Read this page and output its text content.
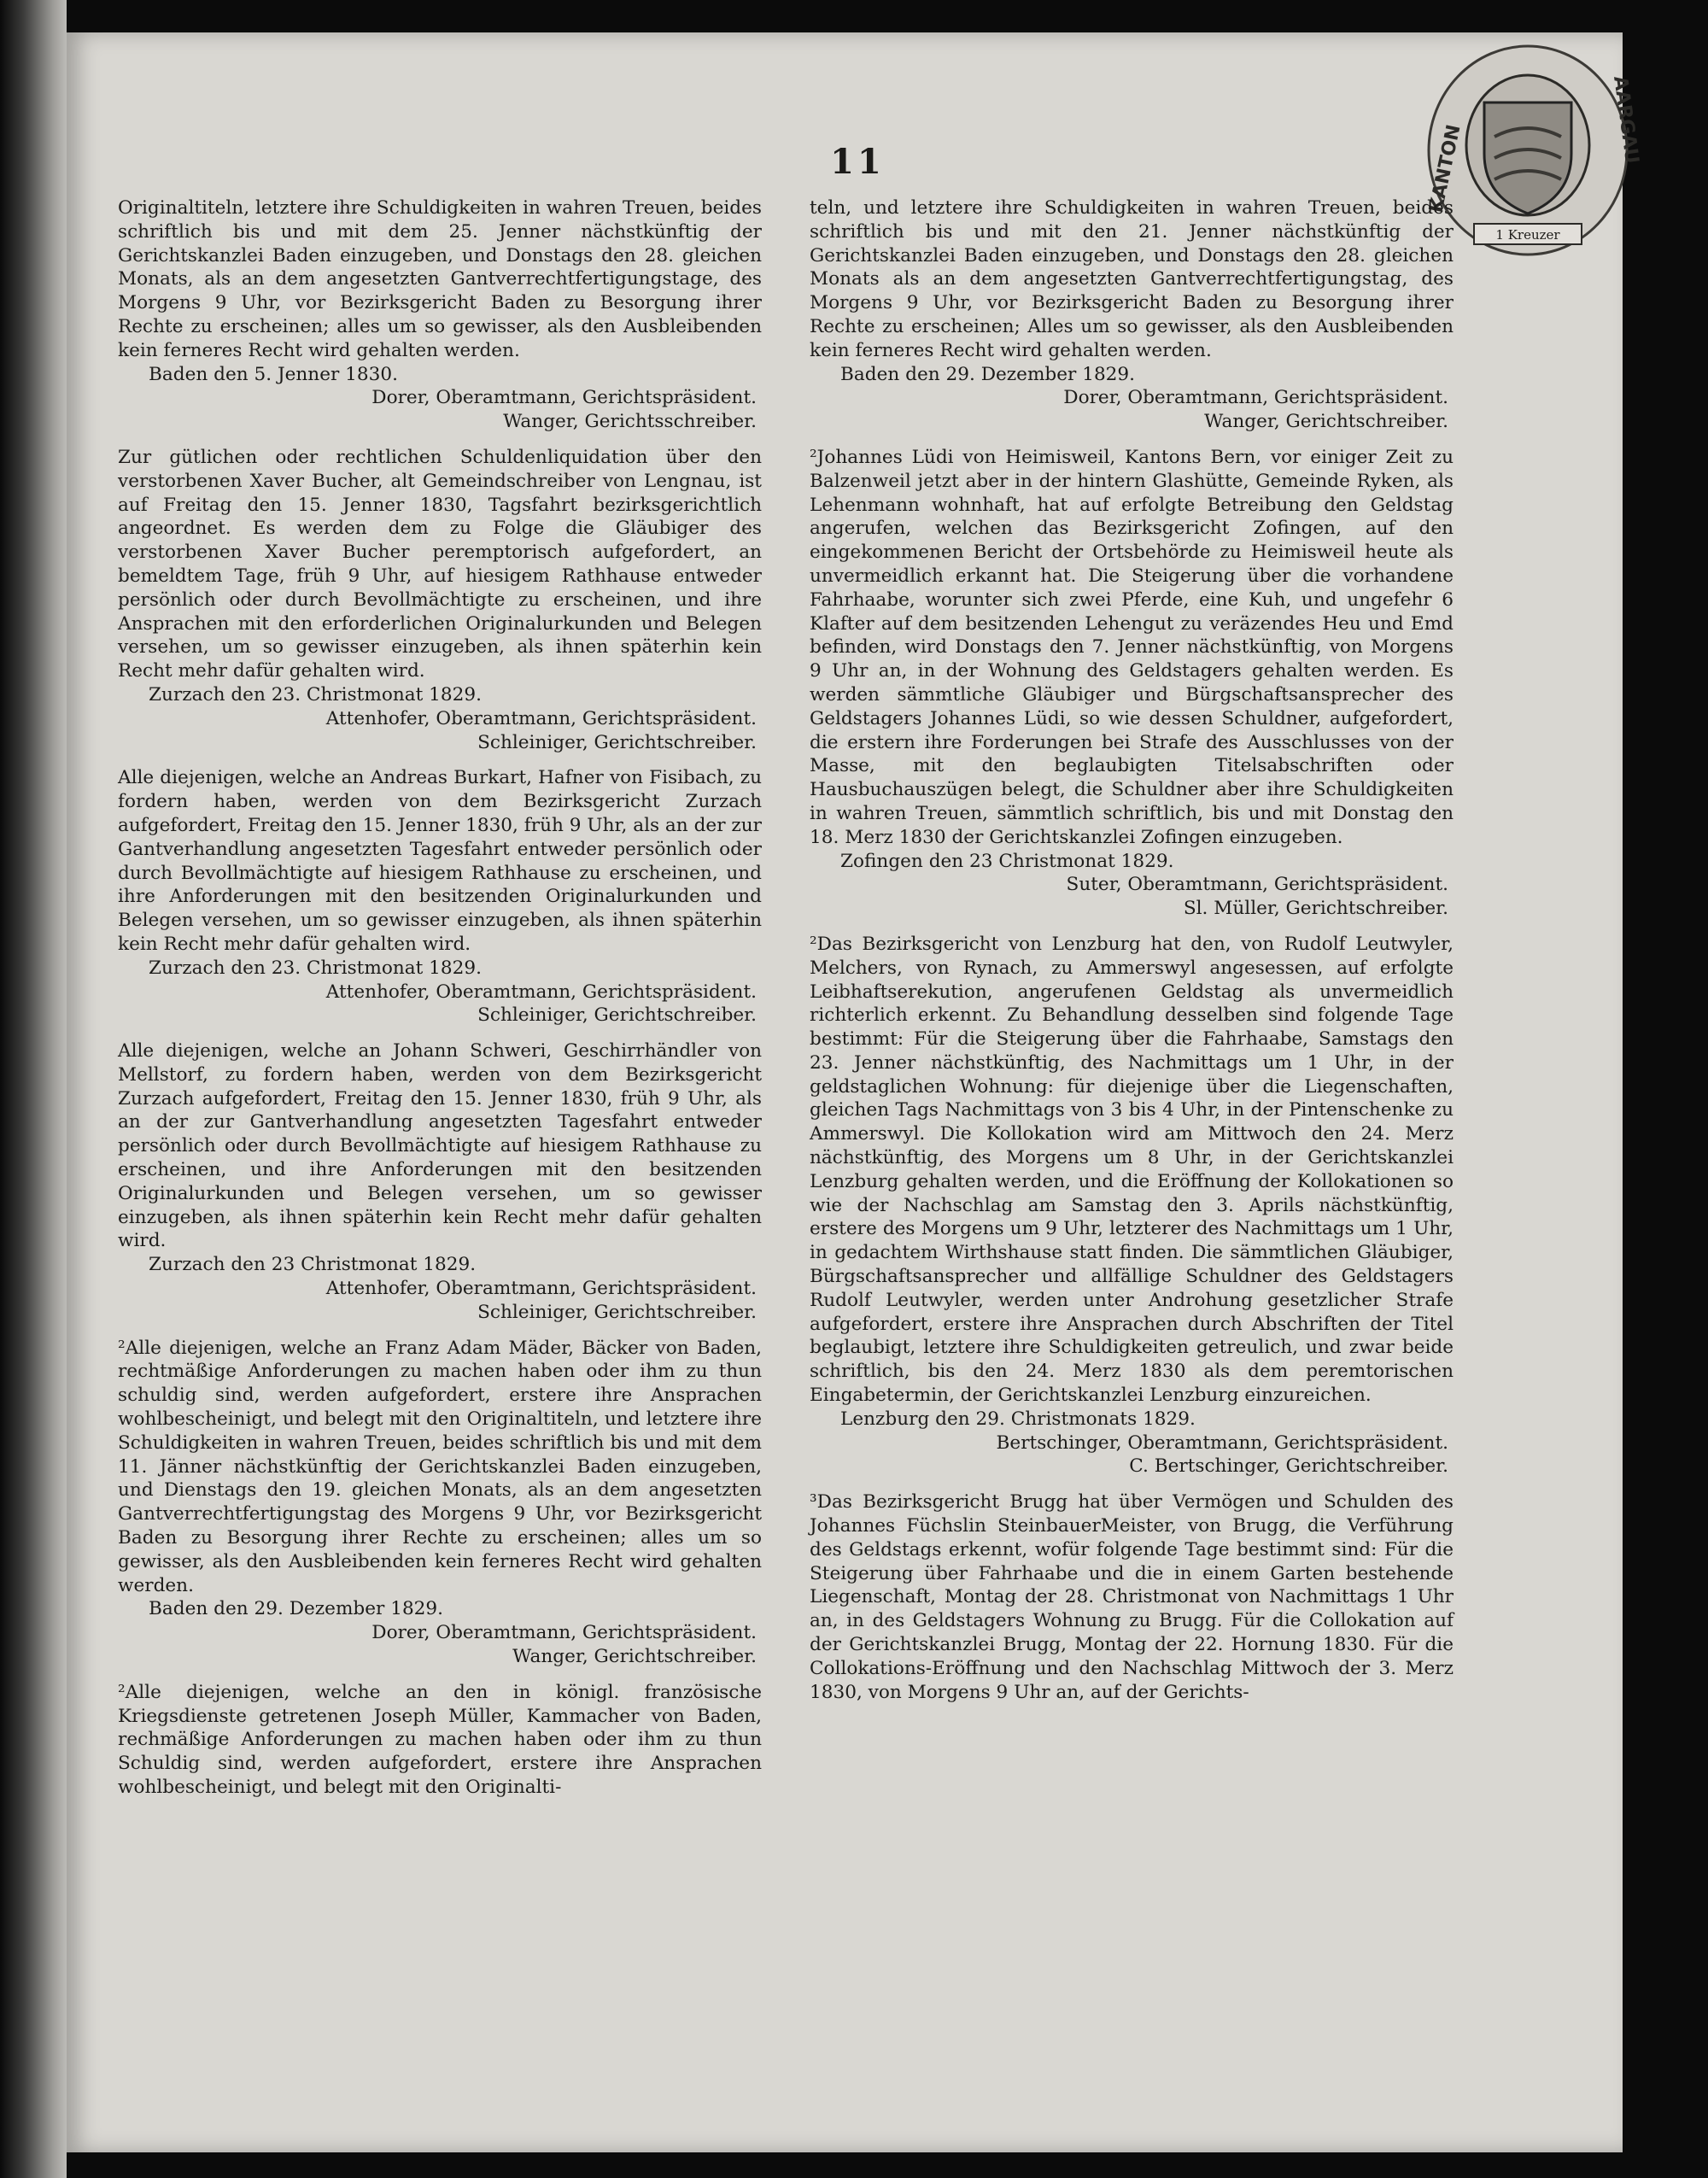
11	KANTON
AARGAU
1 Kreuzer

Originaltiteln, letztere ihre Schuldigkeiten in wahren Treuen, beides schriftlich bis und mit dem 25. Jenner nächstkünftig der Gerichtskanzlei Baden einzugeben, und Donstags den 28. gleichen Monats, als an dem angesetzten Gantverrechtfertigungstage, des Morgens 9 Uhr, vor Bezirksgericht Baden zu Besorgung ihrer Rechte zu erscheinen; alles um so gewisser, als den Ausbleibenden kein ferneres Recht wird gehalten werden.

Baden den 5. Jenner 1830.

Dorer, Oberamtmann, Gerichtspräsident.

Wanger, Gerichtsschreiber.

Zur gütlichen oder rechtlichen Schuldenliquidation über den verstorbenen Xaver Bucher, alt Gemeindschreiber von Lengnau, ist auf Freitag den 15. Jenner 1830, Tagsfahrt bezirksgerichtlich angeordnet. Es werden dem zu Folge die Gläubiger des verstorbenen Xaver Bucher peremptorisch aufgefordert, an bemeldtem Tage, früh 9 Uhr, auf hiesigem Rathhause entweder persönlich oder durch Bevollmächtigte zu erscheinen, und ihre Ansprachen mit den erforderlichen Originalurkunden und Belegen versehen, um so gewisser einzugeben, als ihnen späterhin kein Recht mehr dafür gehalten wird.

Zurzach den 23. Christmonat 1829.

Attenhofer, Oberamtmann, Gerichtspräsident.

Schleiniger, Gerichtschreiber.

Alle diejenigen, welche an Andreas Burkart, Hafner von Fisibach, zu fordern haben, werden von dem Bezirksgericht Zurzach aufgefordert, Freitag den 15. Jenner 1830, früh 9 Uhr, als an der zur Gantverhandlung angesetzten Tagesfahrt entweder persönlich oder durch Bevollmächtigte auf hiesigem Rathhause zu erscheinen, und ihre Anforderungen mit den besitzenden Originalurkunden und Belegen versehen, um so gewisser einzugeben, als ihnen späterhin kein Recht mehr dafür gehalten wird.

Zurzach den 23. Christmonat 1829.

Attenhofer, Oberamtmann, Gerichtspräsident.

Schleiniger, Gerichtschreiber.

Alle diejenigen, welche an Johann Schweri, Geschirrhändler von Mellstorf, zu fordern haben, werden von dem Bezirksgericht Zurzach aufgefordert, Freitag den 15. Jenner 1830, früh 9 Uhr, als an der zur Gantverhandlung angesetzten Tagesfahrt entweder persönlich oder durch Bevollmächtigte auf hiesigem Rathhause zu erscheinen, und ihre Anforderungen mit den besitzenden Originalurkunden und Belegen versehen, um so gewisser einzugeben, als ihnen späterhin kein Recht mehr dafür gehalten wird.

Zurzach den 23 Christmonat 1829.

Attenhofer, Oberamtmann, Gerichtspräsident.

Schleiniger, Gerichtschreiber.

²Alle diejenigen, welche an Franz Adam Mäder, Bäcker von Baden, rechtmäßige Anforderungen zu machen haben oder ihm zu thun schuldig sind, werden aufgefordert, erstere ihre Ansprachen wohlbescheinigt, und belegt mit den Originaltiteln, und letztere ihre Schuldigkeiten in wahren Treuen, beides schriftlich bis und mit dem 11. Jänner nächstkünftig der Gerichtskanzlei Baden einzugeben, und Dienstags den 19. gleichen Monats, als an dem angesetzten Gantverrechtfertigungstag des Morgens 9 Uhr, vor Bezirksgericht Baden zu Besorgung ihrer Rechte zu erscheinen; alles um so gewisser, als den Ausbleibenden kein ferneres Recht wird gehalten werden.

Baden den 29. Dezember 1829.

Dorer, Oberamtmann, Gerichtspräsident.

Wanger, Gerichtschreiber.

²Alle diejenigen, welche an den in königl. französische Kriegsdienste getretenen Joseph Müller, Kammacher von Baden, rechmäßige Anforderungen zu machen haben oder ihm zu thun Schuldig sind, werden aufgefordert, erstere ihre Ansprachen wohlbescheinigt, und belegt mit den Originalti-

teln, und letztere ihre Schuldigkeiten in wahren Treuen, beides schriftlich bis und mit den 21. Jenner nächstkünftig der Gerichtskanzlei Baden einzugeben, und Donstags den 28. gleichen Monats als an dem angesetzten Gantverrechtfertigungstag, des Morgens 9 Uhr, vor Bezirksgericht Baden zu Besorgung ihrer Rechte zu erscheinen; Alles um so gewisser, als den Ausbleibenden kein ferneres Recht wird gehalten werden.

Baden den 29. Dezember 1829.

Dorer, Oberamtmann, Gerichtspräsident.

Wanger, Gerichtschreiber.

²Johannes Lüdi von Heimisweil, Kantons Bern, vor einiger Zeit zu Balzenweil jetzt aber in der hintern Glashütte, Gemeinde Ryken, als Lehenmann wohnhaft, hat auf erfolgte Betreibung den Geldstag angerufen, welchen das Bezirksgericht Zofingen, auf den eingekommenen Bericht der Ortsbehörde zu Heimisweil heute als unvermeidlich erkannt hat. Die Steigerung über die vorhandene Fahrhaabe, worunter sich zwei Pferde, eine Kuh, und ungefehr 6 Klafter auf dem besitzenden Lehengut zu veräzendes Heu und Emd befinden, wird Donstags den 7. Jenner nächstkünftig, von Morgens 9 Uhr an, in der Wohnung des Geldstagers gehalten werden. Es werden sämmtliche Gläubiger und Bürgschaftsansprecher des Geldstagers Johannes Lüdi, so wie dessen Schuldner, aufgefordert, die erstern ihre Forderungen bei Strafe des Ausschlusses von der Masse, mit den beglaubigten Titelsabschriften oder Hausbuchauszügen belegt, die Schuldner aber ihre Schuldigkeiten in wahren Treuen, sämmtlich schriftlich, bis und mit Donstag den 18. Merz 1830 der Gerichtskanzlei Zofingen einzugeben.

Zofingen den 23 Christmonat 1829.

Suter, Oberamtmann, Gerichtspräsident.

Sl. Müller, Gerichtschreiber.

²Das Bezirksgericht von Lenzburg hat den, von Rudolf Leutwyler, Melchers, von Rynach, zu Ammerswyl angesessen, auf erfolgte Leibhaftserekution, angerufenen Geldstag als unvermeidlich richterlich erkennt. Zu Behandlung desselben sind folgende Tage bestimmt: Für die Steigerung über die Fahrhaabe, Samstags den 23. Jenner nächstkünftig, des Nachmittags um 1 Uhr, in der geldstaglichen Wohnung: für diejenige über die Liegenschaften, gleichen Tags Nachmittags von 3 bis 4 Uhr, in der Pintenschenke zu Ammerswyl. Die Kollokation wird am Mittwoch den 24. Merz nächstkünftig, des Morgens um 8 Uhr, in der Gerichtskanzlei Lenzburg gehalten werden, und die Eröffnung der Kollokationen so wie der Nachschlag am Samstag den 3. Aprils nächstkünftig, erstere des Morgens um 9 Uhr, letzterer des Nachmittags um 1 Uhr, in gedachtem Wirthshause statt finden. Die sämmtlichen Gläubiger, Bürgschaftsansprecher und allfällige Schuldner des Geldstagers Rudolf Leutwyler, werden unter Androhung gesetzlicher Strafe aufgefordert, erstere ihre Ansprachen durch Abschriften der Titel beglaubigt, letztere ihre Schuldigkeiten getreulich, und zwar beide schriftlich, bis den 24. Merz 1830 als dem peremtorischen Eingabetermin, der Gerichtskanzlei Lenzburg einzureichen.

Lenzburg den 29. Christmonats 1829.

Bertschinger, Oberamtmann, Gerichtspräsident.

C. Bertschinger, Gerichtschreiber.

³Das Bezirksgericht Brugg hat über Vermögen und Schulden des Johannes Füchslin SteinbauerMeister, von Brugg, die Verführung des Geldstags erkennt, wofür folgende Tage bestimmt sind: Für die Steigerung über Fahrhaabe und die in einem Garten bestehende Liegenschaft, Montag der 28. Christmonat von Nachmittags 1 Uhr an, in des Geldstagers Wohnung zu Brugg. Für die Collokation auf der Gerichtskanzlei Brugg, Montag der 22. Hornung 1830. Für die Collokations-Eröffnung und den Nachschlag Mittwoch der 3. Merz 1830, von Morgens 9 Uhr an, auf der Gerichts-
